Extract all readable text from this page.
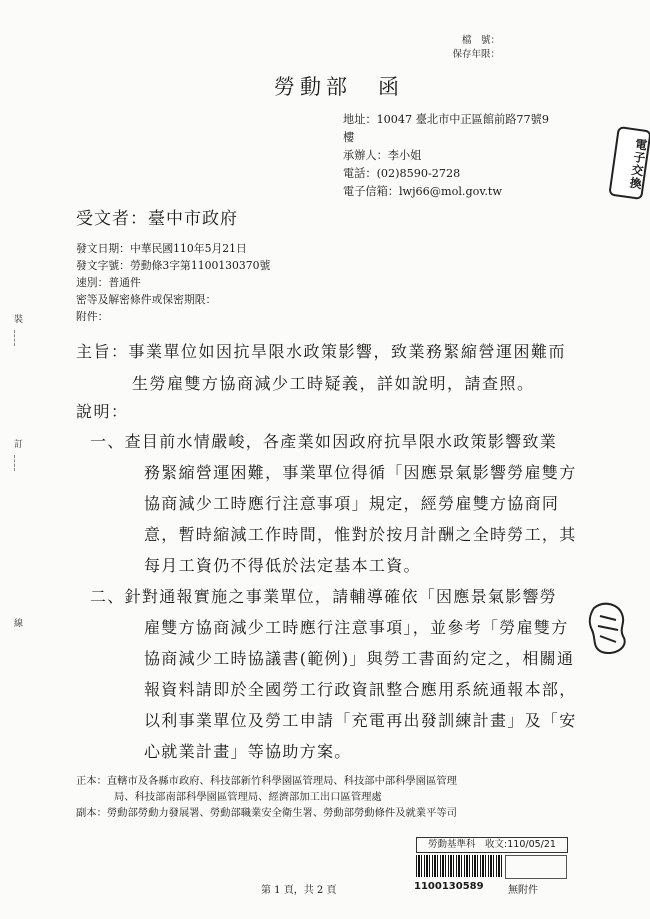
檔　號：
保存年限：
勞動部　函
地址：10047 臺北市中正區館前路77號9
樓
承辦人：李小姐
電話：(02)8590-2728
電子信箱：lwj66@mol.gov.tw
電子交換
受文者：臺中市政府
發文日期：中華民國110年5月21日
發文字號：勞動條3字第1100130370號
速別：普通件
密等及解密條件或保密期限：
附件：
裝
訂
線
主旨：事業單位如因抗旱限水政策影響，致業務緊縮營運困難而
生勞雇雙方協商減少工時疑義，詳如說明，請查照。
說明：
一、查目前水情嚴峻，各產業如因政府抗旱限水政策影響致業
務緊縮營運困難，事業單位得循「因應景氣影響勞雇雙方
協商減少工時應行注意事項」規定，經勞雇雙方協商同
意，暫時縮減工作時間，惟對於按月計酬之全時勞工，其
每月工資仍不得低於法定基本工資。
二、針對通報實施之事業單位，請輔導確依「因應景氣影響勞
雇雙方協商減少工時應行注意事項」，並參考「勞雇雙方
協商減少工時協議書(範例)」與勞工書面約定之，相關通
報資料請即於全國勞工行政資訊整合應用系統通報本部，
以利事業單位及勞工申請「充電再出發訓練計畫」及「安
心就業計畫」等協助方案。
正本：直轄市及各縣市政府、科技部新竹科學園區管理局、科技部中部科學園區管理
局、科技部南部科學園區管理局、經濟部加工出口區管理處
副本：勞動部勞動力發展署、勞動部職業安全衛生署、勞動部勞動條件及就業平等司
第 1 頁，共 2 頁
勞動基準科　收文:110/05/21
1100130589 無附件
